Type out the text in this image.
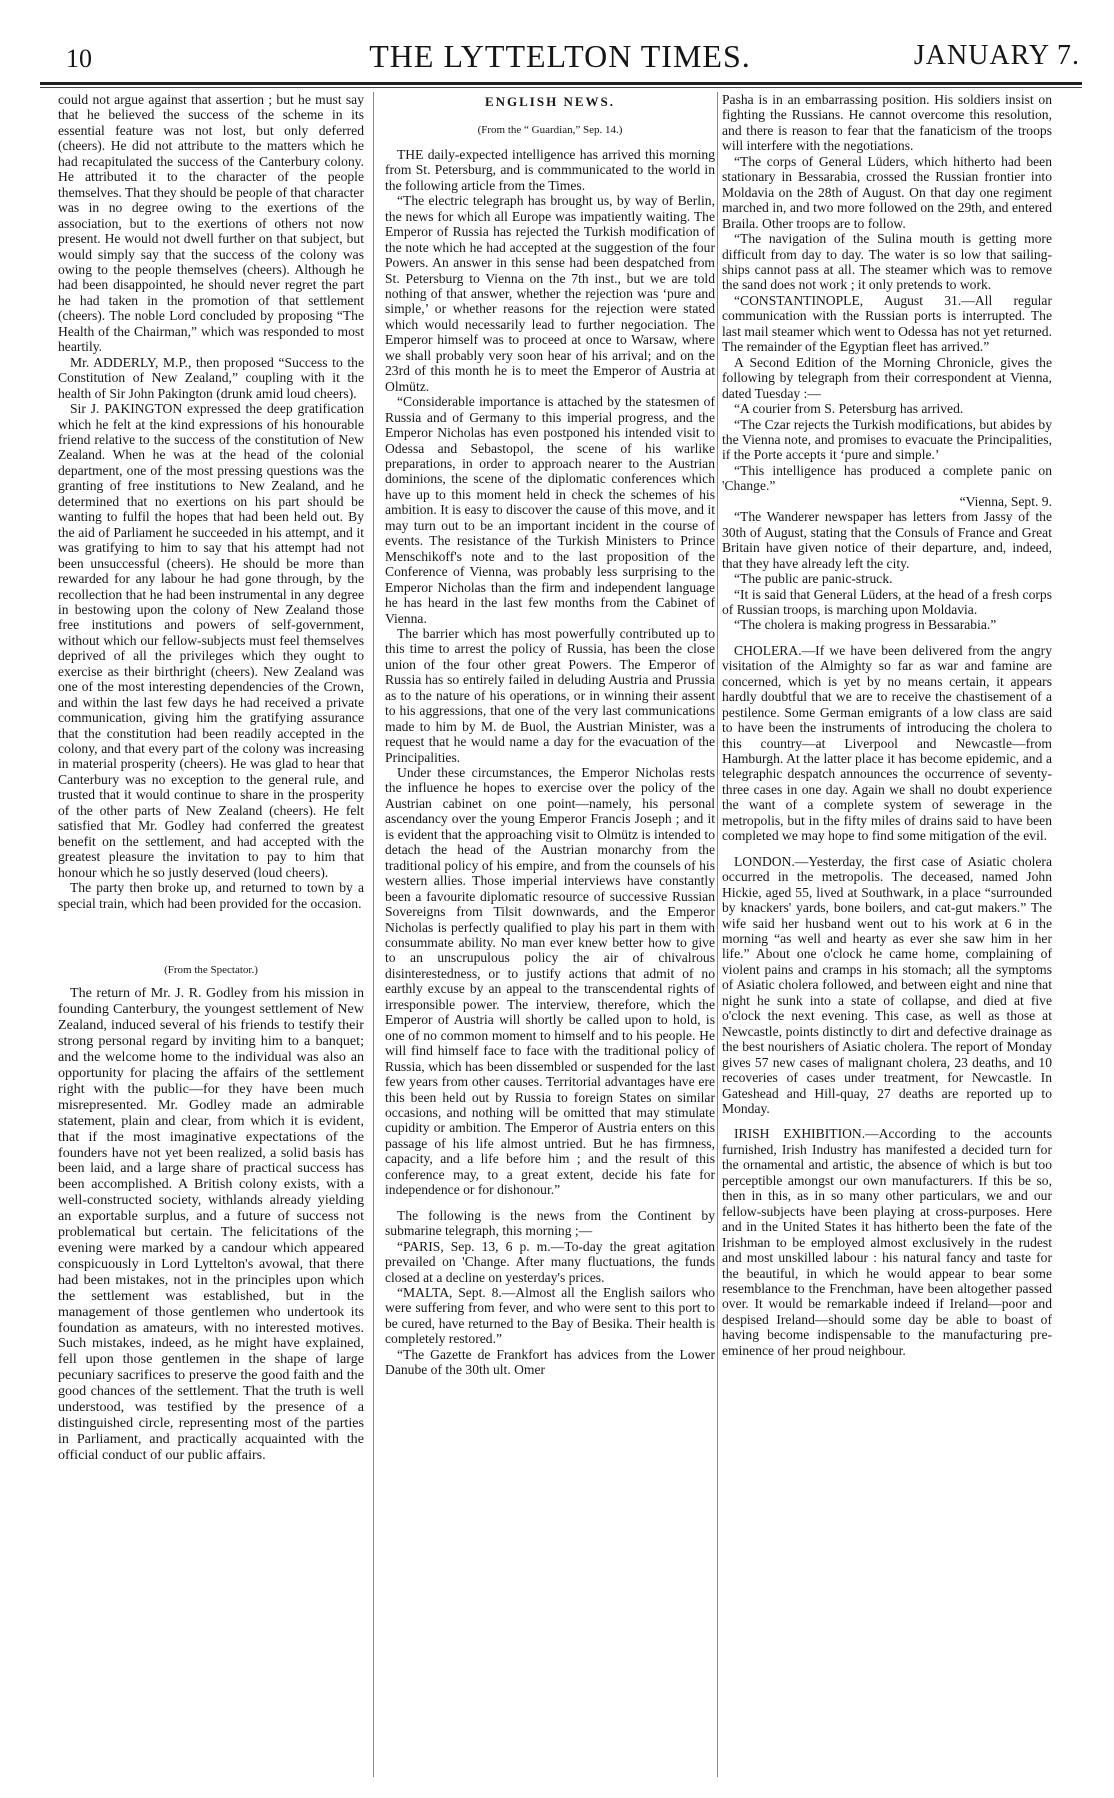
10	THE LYTTELTON TIMES.	JANUARY 7.

could not argue against that assertion ; but he must say that he believed the success of the scheme in its essential feature was not lost, but only deferred (cheers). He did not attribute to the matters which he had recapitulated the success of the Canterbury colony. He attributed it to the character of the people themselves. That they should be people of that character was in no degree owing to the exertions of the association, but to the exertions of others not now present. He would not dwell further on that subject, but would simply say that the success of the colony was owing to the people themselves (cheers). Although he had been disappointed, he should never regret the part he had taken in the promotion of that settlement (cheers). The noble Lord concluded by proposing “The Health of the Chairman,” which was responded to most heartily.

Mr. ADDERLY, M.P., then proposed “Success to the Constitution of New Zealand,” coupling with it the health of Sir John Pakington (drunk amid loud cheers).

Sir J. PAKINGTON expressed the deep gratification which he felt at the kind expressions of his honourable friend relative to the success of the constitution of New Zealand. When he was at the head of the colonial department, one of the most pressing questions was the granting of free institutions to New Zealand, and he determined that no exertions on his part should be wanting to fulfil the hopes that had been held out. By the aid of Parliament he succeeded in his attempt, and it was gratifying to him to say that his attempt had not been unsuccessful (cheers). He should be more than rewarded for any labour he had gone through, by the recollection that he had been instrumental in any degree in bestowing upon the colony of New Zealand those free institutions and powers of self-government, without which our fellow-subjects must feel themselves deprived of all the privileges which they ought to exercise as their birthright (cheers). New Zealand was one of the most interesting dependencies of the Crown, and within the last few days he had received a private communication, giving him the gratifying assurance that the constitution had been readily accepted in the colony, and that every part of the colony was increasing in material prosperity (cheers). He was glad to hear that Canterbury was no exception to the general rule, and trusted that it would continue to share in the prosperity of the other parts of New Zealand (cheers). He felt satisfied that Mr. Godley had conferred the greatest benefit on the settlement, and had accepted with the greatest pleasure the invitation to pay to him that honour which he so justly deserved (loud cheers).

The party then broke up, and returned to town by a special train, which had been provided for the occasion.

(From the Spectator.)

The return of Mr. J. R. Godley from his mission in founding Canterbury, the youngest settlement of New Zealand, induced several of his friends to testify their strong personal regard by inviting him to a banquet; and the welcome home to the individual was also an opportunity for placing the affairs of the settlement right with the public—for they have been much misrepresented. Mr. Godley made an admirable statement, plain and clear, from which it is evident, that if the most imaginative expectations of the founders have not yet been realized, a solid basis has been laid, and a large share of practical success has been accomplished. A British colony exists, with a well-constructed society, withlands already yielding an exportable surplus, and a future of success not problematical but certain. The felicitations of the evening were marked by a candour which appeared conspicuously in Lord Lyttelton's avowal, that there had been mistakes, not in the principles upon which the settlement was established, but in the management of those gentlemen who undertook its foundation as amateurs, with no interested motives. Such mistakes, indeed, as he might have explained, fell upon those gentlemen in the shape of large pecuniary sacrifices to preserve the good faith and the good chances of the settlement. That the truth is well understood, was testified by the presence of a distinguished circle, representing most of the parties in Parliament, and practically acquainted with the official conduct of our public affairs.

ENGLISH NEWS.

(From the “ Guardian,” Sep. 14.)

THE daily-expected intelligence has arrived this morning from St. Petersburg, and is commmunicated to the world in the following article from the Times.

“The electric telegraph has brought us, by way of Berlin, the news for which all Europe was impatiently waiting. The Emperor of Russia has rejected the Turkish modification of the note which he had accepted at the suggestion of the four Powers. An answer in this sense had been despatched from St. Petersburg to Vienna on the 7th inst., but we are told nothing of that answer, whether the rejection was ‘pure and simple,’ or whether reasons for the rejection were stated which would necessarily lead to further negociation. The Emperor himself was to proceed at once to Warsaw, where we shall probably very soon hear of his arrival; and on the 23rd of this month he is to meet the Emperor of Austria at Olmütz.

“Considerable importance is attached by the statesmen of Russia and of Germany to this imperial progress, and the Emperor Nicholas has even postponed his intended visit to Odessa and Sebastopol, the scene of his warlike preparations, in order to approach nearer to the Austrian dominions, the scene of the diplomatic conferences which have up to this moment held in check the schemes of his ambition. It is easy to discover the cause of this move, and it may turn out to be an important incident in the course of events. The resistance of the Turkish Ministers to Prince Menschikoff's note and to the last proposition of the Conference of Vienna, was probably less surprising to the Emperor Nicholas than the firm and independent language he has heard in the last few months from the Cabinet of Vienna.

The barrier which has most powerfully contributed up to this time to arrest the policy of Russia, has been the close union of the four other great Powers. The Emperor of Russia has so entirely failed in deluding Austria and Prussia as to the nature of his operations, or in winning their assent to his aggressions, that one of the very last communications made to him by M. de Buol, the Austrian Minister, was a request that he would name a day for the evacuation of the Principalities.

Under these circumstances, the Emperor Nicholas rests the influence he hopes to exercise over the policy of the Austrian cabinet on one point—namely, his personal ascendancy over the young Emperor Francis Joseph ; and it is evident that the approaching visit to Olmütz is intended to detach the head of the Austrian monarchy from the traditional policy of his empire, and from the counsels of his western allies. Those imperial interviews have constantly been a favourite diplomatic resource of successive Russian Sovereigns from Tilsit downwards, and the Emperor Nicholas is perfectly qualified to play his part in them with consummate ability. No man ever knew better how to give to an unscrupulous policy the air of chivalrous disinterestedness, or to justify actions that admit of no earthly excuse by an appeal to the transcendental rights of irresponsible power. The interview, therefore, which the Emperor of Austria will shortly be called upon to hold, is one of no common moment to himself and to his people. He will find himself face to face with the traditional policy of Russia, which has been dissembled or suspended for the last few years from other causes. Territorial advantages have ere this been held out by Russia to foreign States on similar occasions, and nothing will be omitted that may stimulate cupidity or ambition. The Emperor of Austria enters on this passage of his life almost untried. But he has firmness, capacity, and a life before him ; and the result of this conference may, to a great extent, decide his fate for independence or for dishonour.”

The following is the news from the Continent by submarine telegraph, this morning ;—

“PARIS, Sep. 13, 6 p. m.—To-day the great agitation prevailed on 'Change. After many fluctuations, the funds closed at a decline on yesterday's prices.

“MALTA, Sept. 8.—Almost all the English sailors who were suffering from fever, and who were sent to this port to be cured, have returned to the Bay of Besika. Their health is completely restored.”

“The Gazette de Frankfort has advices from the Lower Danube of the 30th ult. Omer

Pasha is in an embarrassing position. His soldiers insist on fighting the Russians. He cannot overcome this resolution, and there is reason to fear that the fanaticism of the troops will interfere with the negotiations.

“The corps of General Lüders, which hitherto had been stationary in Bessarabia, crossed the Russian frontier into Moldavia on the 28th of August. On that day one regiment marched in, and two more followed on the 29th, and entered Braila. Other troops are to follow.

“The navigation of the Sulina mouth is getting more difficult from day to day. The water is so low that sailing-ships cannot pass at all. The steamer which was to remove the sand does not work ; it only pretends to work.

“CONSTANTINOPLE, August 31.—All regular communication with the Russian ports is interrupted. The last mail steamer which went to Odessa has not yet returned. The remainder of the Egyptian fleet has arrived.”

A Second Edition of the Morning Chronicle, gives the following by telegraph from their correspondent at Vienna, dated Tuesday :—

“A courier from S. Petersburg has arrived.

“The Czar rejects the Turkish modifications, but abides by the Vienna note, and promises to evacuate the Principalities, if the Porte accepts it ‘pure and simple.’

“This intelligence has produced a complete panic on 'Change.”

“Vienna, Sept. 9.

“The Wanderer newspaper has letters from Jassy of the 30th of August, stating that the Consuls of France and Great Britain have given notice of their departure, and, indeed, that they have already left the city.

“The public are panic-struck.

“It is said that General Lüders, at the head of a fresh corps of Russian troops, is marching upon Moldavia.

“The cholera is making progress in Bessarabia.”

CHOLERA.—If we have been delivered from the angry visitation of the Almighty so far as war and famine are concerned, which is yet by no means certain, it appears hardly doubtful that we are to receive the chastisement of a pestilence. Some German emigrants of a low class are said to have been the instruments of introducing the cholera to this country—at Liverpool and Newcastle—from Hamburgh. At the latter place it has become epidemic, and a telegraphic despatch announces the occurrence of seventy-three cases in one day. Again we shall no doubt experience the want of a complete system of sewerage in the metropolis, but in the fifty miles of drains said to have been completed we may hope to find some mitigation of the evil.

LONDON.—Yesterday, the first case of Asiatic cholera occurred in the metropolis. The deceased, named John Hickie, aged 55, lived at Southwark, in a place “surrounded by knackers' yards, bone boilers, and cat-gut makers.” The wife said her husband went out to his work at 6 in the morning “as well and hearty as ever she saw him in her life.” About one o'clock he came home, complaining of violent pains and cramps in his stomach; all the symptoms of Asiatic cholera followed, and between eight and nine that night he sunk into a state of collapse, and died at five o'clock the next evening. This case, as well as those at Newcastle, points distinctly to dirt and defective drainage as the best nourishers of Asiatic cholera. The report of Monday gives 57 new cases of malignant cholera, 23 deaths, and 10 recoveries of cases under treatment, for Newcastle. In Gateshead and Hill-quay, 27 deaths are reported up to Monday.

IRISH EXHIBITION.—According to the accounts furnished, Irish Industry has manifested a decided turn for the ornamental and artistic, the absence of which is but too perceptible amongst our own manufacturers. If this be so, then in this, as in so many other particulars, we and our fellow-subjects have been playing at cross-purposes. Here and in the United States it has hitherto been the fate of the Irishman to be employed almost exclusively in the rudest and most unskilled labour : his natural fancy and taste for the beautiful, in which he would appear to bear some resemblance to the Frenchman, have been altogether passed over. It would be remarkable indeed if Ireland—poor and despised Ireland—should some day be able to boast of having become indispensable to the manufacturing pre-eminence of her proud neighbour.
